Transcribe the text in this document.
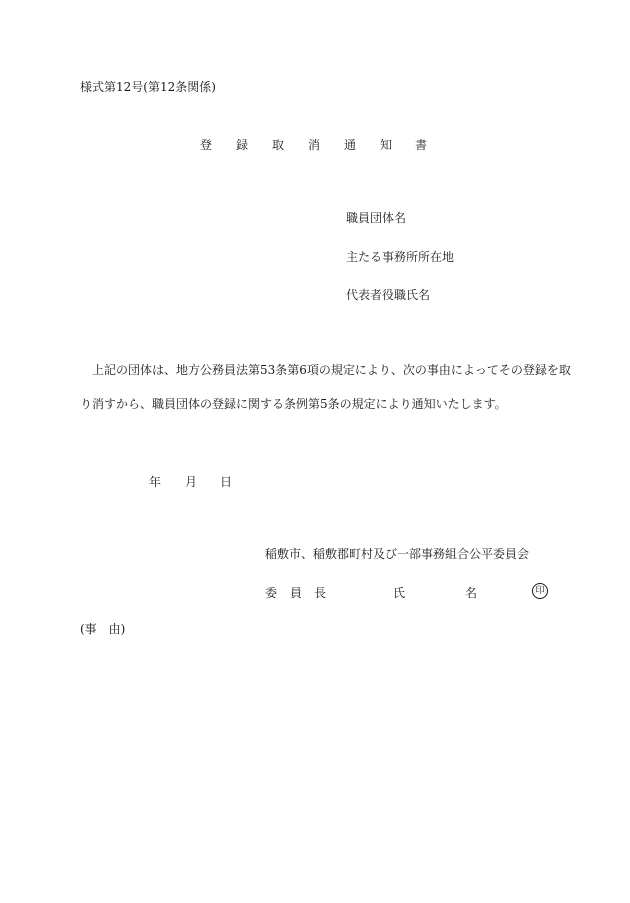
様式第12号(第12条関係)
登 録 取 消 通 知 書
職員団体名
主たる事務所所在地
代表者役職氏名
上記の団体は、地方公務員法第53条第6項の規定により、次の事由によってその登録を取
り消すから、職員団体の登録に関する条例第5条の規定により通知いたします。
年 月 日
稲敷市、稲敷郡町村及び一部事務組合公平委員会
委 員 長	氏	名	印
(事　由)
